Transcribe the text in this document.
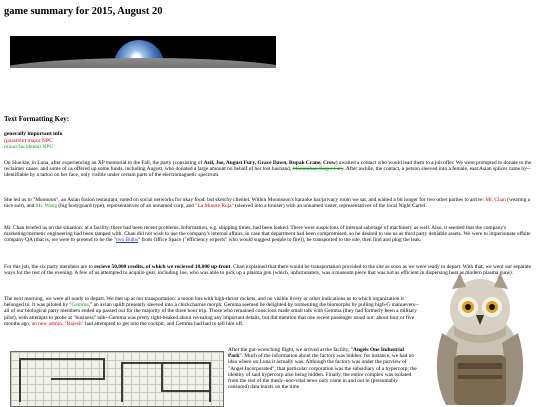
game summary for 2015, August 20
Text Formatting Key:
generally important info
(possible) major NPC
minor/incidental NPC

On Shackle, in Luna, after experiencing an XP memorial to the Fall, the party (consisting of Azil, Joe, August Fury, Grace Dawn, Rupak Crane, Crow) awaited a contact who would lead them to a job offer. We were prompted to donate to the reclaimer cause, and some of us offered up some funds, including August, who donated a large amount on behalf of her lost husband, Maximilian Roger Fury. After awhile, the contact, a person sleeved into a female, east Asian splicer came by--identifiable by a tattoo on her face, only visible under certain parts of the electromagnetic spectrum.

She led us to "Moonoon", an Asian fusion restaurant, noted on social networks for okay food, but sketchy clientel. Within Moonsoon's karaoke bar/privacy room we sat, and waited a bit longer for two other parties to arrive: Mr. Chan (wearing a nice suit), and Mr. Wang (big bodyguard type), representatives of an unnamed corp; and "La Muerte Roja" (sleeved into a bruiser) with an unnamed ruster, representatives of the local Night Cartel.

Mr. Chan briefed us on the situation: at a facility, there had been recent problems. Information, e.g. shipping times, had been leaked. There were suspicions of internal sabotage of machinery as well. Also, it seemed that the company's marketing/memetic engineering had been tamped with. Chan did not wish to use the company's internal affairs, in case that department had been compromised, so he desired to use us as third party deniable assets. We were to impersonate offsite company QA (that is, we were to pretend to be the "two Bulbs" from Office Space ("efficiency experts" who would suggest people to fire)), be transported to the site, then find and plug the leak.

For this job, the six party members are to recieve 50,000 credits, of which we recieved 10,000 up-front. Chan explained that there would be transportation provided to the site as soon as we were ready to depart. With that, we went our separate ways for the rest of the evening. A few of us attempted to acquire gear, including Joe, who was able to pick up a plasma gun (which, unfortunately, was a museum piece that was not as efficient in dispersing heat as modern plasma guns).

The next morning, we were all ready to depart. We met up at our transportation: a moon bus with high-thrust rockets, and no visible livery or other indications as to which organization it belonged to. It was piloted by "Gemma," an avian uplift presently sleeved into a chickcharnie morph. Gemma seemed be delighted by tormenting the biomorphs by pulling high-G manuevers--all of our biological party members ended up passed out for the majority of the three hour trip. Those who remained conscious made small talk with Gemma (they had formerly been a military pilot), with attempts to probe at "business" talk--Gemma was pretty tight-beaked about revealing any important details, but did mention that one recent passenger stood out: about four or five months ago, an new admin, "Rajesh" had attempted to get into the cockpit, and Gemma had had to tell him off.

After the gut-wrenching flight, we arrived at the facility, "Angels One Industrial Park". Much of the information about the factory was hidden: for instance, we had no idea where on Luna it actually was. Although the factory was under the purview of "Angel Incorporated", that particular corporation was the subsidiary of a hypercorp; the identity of said hypercorp also being hidden. Finally, the entire complex was isolated from the rest of the mesh--non-vital news only came in and out in (presumably censored) data bursts on the time
